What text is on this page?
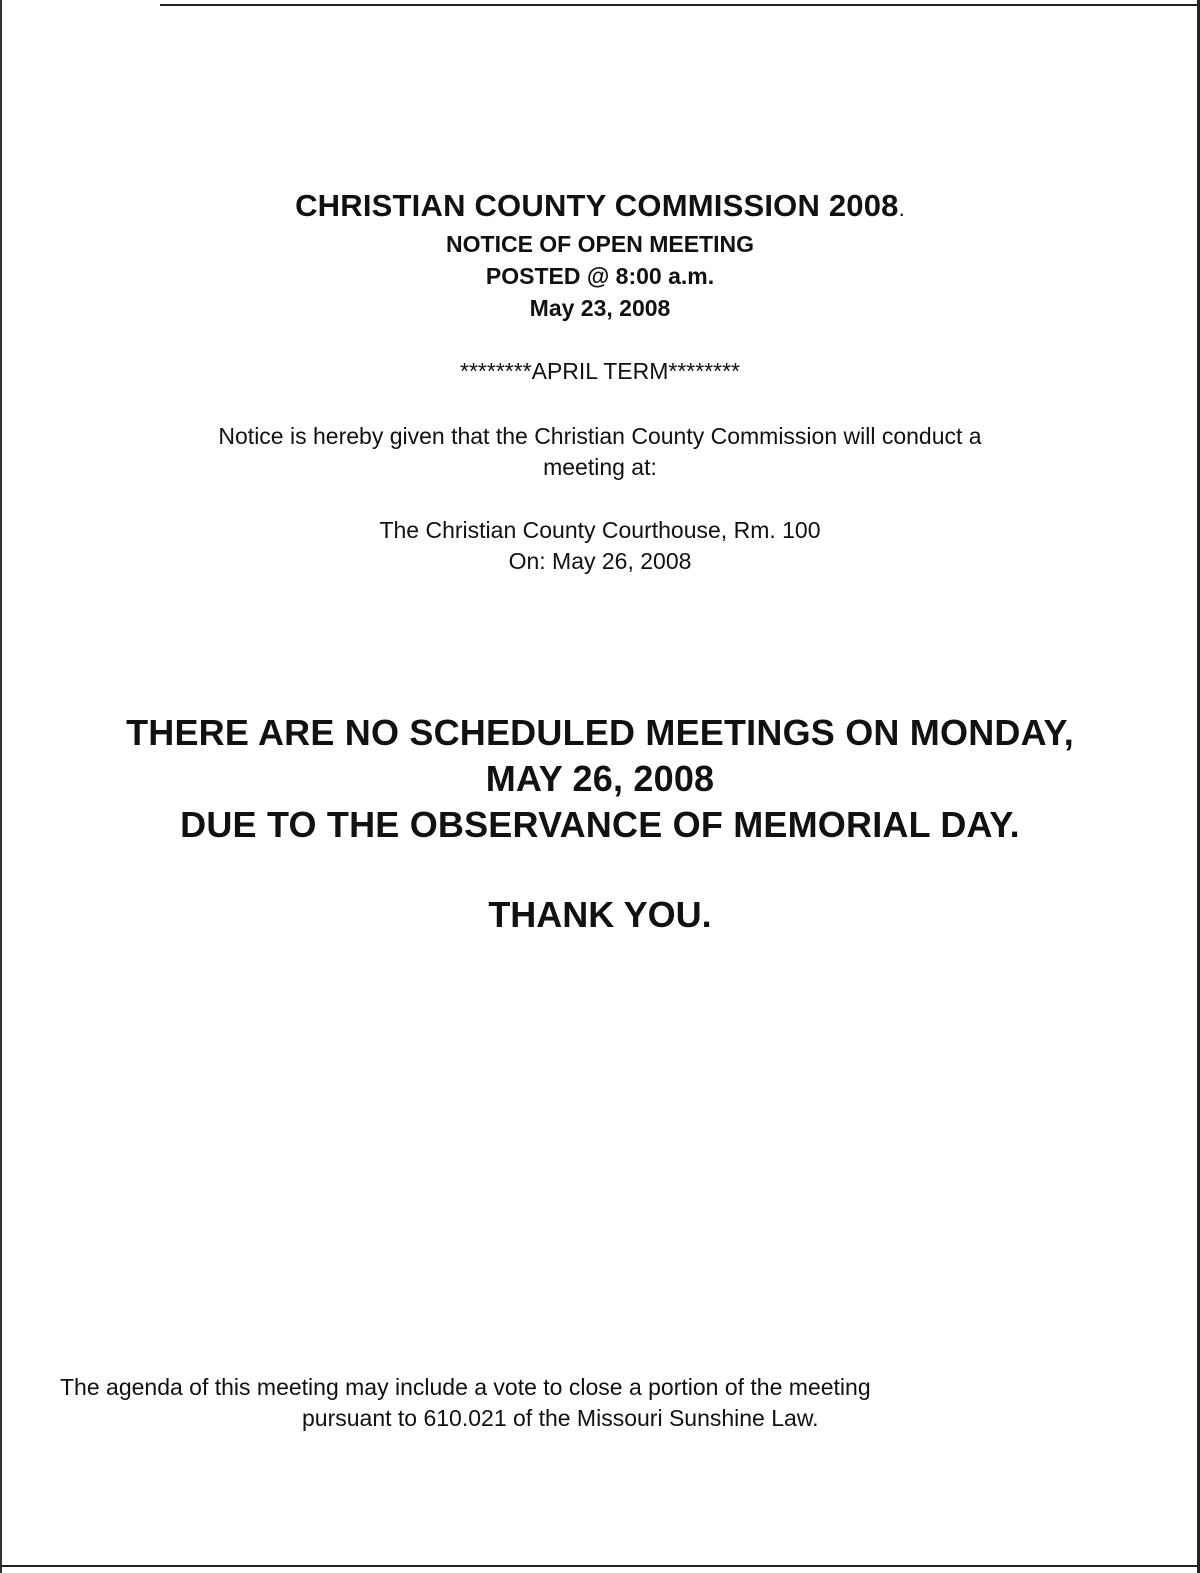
CHRISTIAN COUNTY COMMISSION 2008.
NOTICE OF OPEN MEETING
POSTED @ 8:00 a.m.
May 23, 2008
********APRIL TERM********
Notice is hereby given that the Christian County Commission will conduct a
meeting at:
The Christian County Courthouse, Rm. 100
On: May 26, 2008
THERE ARE NO SCHEDULED MEETINGS ON MONDAY,
MAY 26, 2008
DUE TO THE OBSERVANCE OF MEMORIAL DAY.
THANK YOU.
The agenda of this meeting may include a vote to close a portion of the meeting
pursuant to 610.021 of the Missouri Sunshine Law.
